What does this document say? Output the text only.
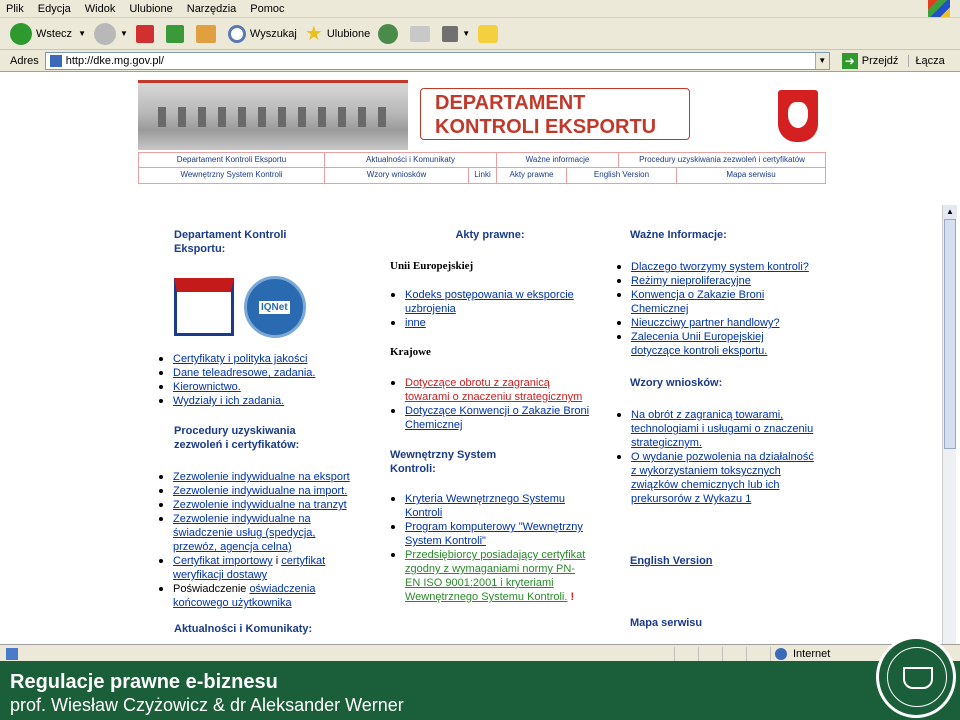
Plik Edycja Widok Ulubione Narzędzia Pomoc
Wstecz ▼	▼	Wyszukaj ★ Ulubione	▼
Adres http://dke.mg.gov.pl/	▼ ➜ Przejdź	Łącza
DEPARTAMENT
KONTROLI EKSPORTU
Departament Kontroli Eksportu	Aktualności i Komunikaty	Ważne informacje	Procedury uzyskiwania zezwoleń i certyfikatów
Wewnętrzny System Kontroli	Wzory wniosków	Linki	Akty prawne	English Version	Mapa serwisu
Departament Kontroli Eksportu:
IQNet
Certyfikaty i polityka jakości
Dane teleadresowe, zadania.
Kierownictwo.
Wydziały i ich zadania.
Procedury uzyskiwania zezwoleń i certyfikatów:
Zezwolenie indywidualne na eksport
Zezwolenie indywidualne na import.
Zezwolenie indywidualne na tranzyt
Zezwolenie indywidualne na świadczenie usług (spedycja, przewóz, agencja celna)
Certyfikat importowy i certyfikat weryfikacji dostawy
Poświadczenie oświadczenia końcowego użytkownika
Aktualności i Komunikaty:
Akty prawne:
Unii Europejskiej
Kodeks postępowania w eksporcie uzbrojenia
inne
Krajowe
Dotyczące obrotu z zagranicą towarami o znaczeniu strategicznym
Dotyczące Konwencji o Zakazie Broni Chemicznej
Wewnętrzny System Kontroli:
Kryteria Wewnętrznego Systemu Kontroli
Program komputerowy "Wewnętrzny System Kontroli"
Przedsiębiorcy posiadający certyfikat zgodny z wymaganiami normy PN-EN ISO 9001:2001 i kryteriami Wewnętrznego Systemu Kontroli. !
Ważne Informacje:
Dlaczego tworzymy system kontroli?
Reżimy nieproliferacyjne
Konwencja o Zakazie Broni Chemicznej
Nieuczciwy partner handlowy?
Zalecenia Unii Europejskiej dotyczące kontroli eksportu.
Wzory wniosków:
Na obrót z zagranicą towarami, technologiami i usługami o znaczeniu strategicznym.
O wydanie pozwolenia na działalność z wykorzystaniem toksycznych związków chemicznych lub ich prekursorów z Wykazu 1
English Version
Mapa serwisu
▲
Internet
Regulacje prawne e-biznesu
prof. Wiesław Czyżowicz & dr Aleksander Werner
